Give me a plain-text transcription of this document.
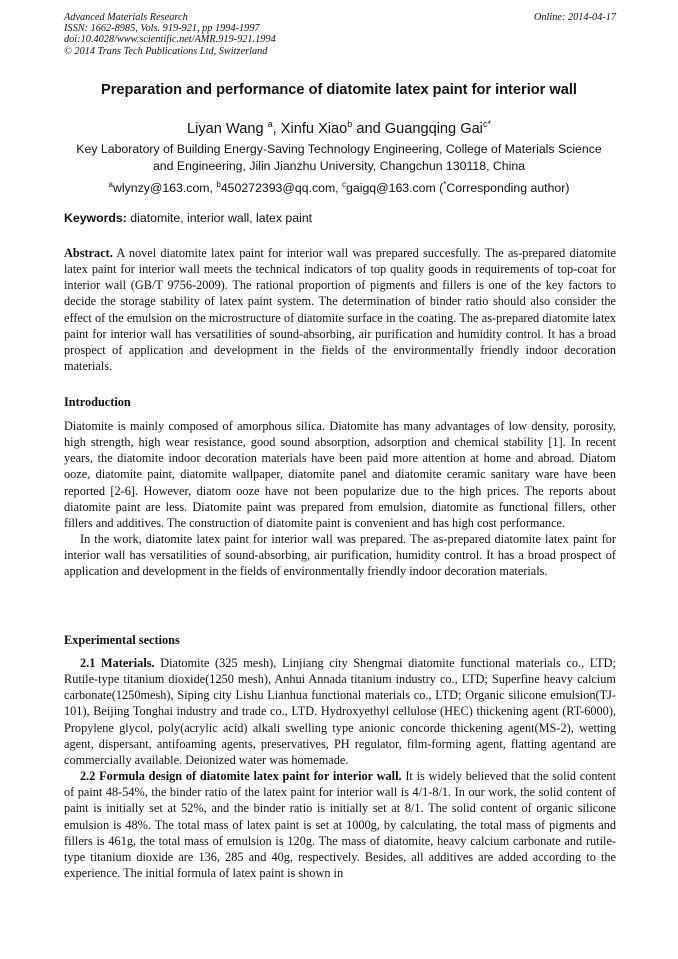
Advanced Materials Research
ISSN: 1662-8985, Vols. 919-921, pp 1994-1997
doi:10.4028/www.scientific.net/AMR.919-921.1994
© 2014 Trans Tech Publications Ltd, Switzerland
Online: 2014-04-17
Preparation and performance of diatomite latex paint for interior wall
Liyan Wang $^a$, Xinfu Xiao$^b$ and Guangqing Gai$^{c*}$
Key Laboratory of Building Energy-Saving Technology Engineering, College of Materials Science
and Engineering, Jilin Jianzhu University, Changchun 130118, China
$^a$wlynzy@163.com, $^b$450272393@qq.com, $^c$gaigq@163.com (*Corresponding author)
Keywords: diatomite, interior wall, latex paint

Abstract. A novel diatomite latex paint for interior wall was prepared succesfully. The as-prepared diatomite latex paint for interior wall meets the technical indicators of top quality goods in requirements of top-coat for interior wall (GB/T 9756-2009). The rational proportion of pigments and fillers is one of the key factors to decide the storage stability of latex paint system. The determination of binder ratio should also consider the effect of the emulsion on the microstructure of diatomite surface in the coating. The as-prepared diatomite latex paint for interior wall has versatilities of sound-absorbing, air purification and humidity control. It has a broad prospect of application and development in the fields of the environmentally friendly indoor decoration materials.

Introduction

Diatomite is mainly composed of amorphous silica. Diatomite has many advantages of low density, porosity, high strength, high wear resistance, good sound absorption, adsorption and chemical stability [1]. In recent years, the diatomite indoor decoration materials have been paid more attention at home and abroad. Diatom ooze, diatomite paint, diatomite wallpaper, diatomite panel and diatomite ceramic sanitary ware have been reported [2-6]. However, diatom ooze have not been popularize due to the high prices. The reports about diatomite paint are less. Diatomite paint was prepared from emulsion, diatomite as functional fillers, other fillers and additives. The construction of diatomite paint is convenient and has high cost performance.

In the work, diatomite latex paint for interior wall was prepared. The as-prepared diatomite latex paint for interior wall has versatilities of sound-absorbing, air purification, humidity control. It has a broad prospect of application and development in the fields of environmentally friendly indoor decoration materials.

Experimental sections

2.1 Materials. Diatomite (325 mesh), Linjiang city Shengmai diatomite functional materials co., LTD; Rutile-type titanium dioxide(1250 mesh), Anhui Annada titanium industry co., LTD; Superfine heavy calcium carbonate(1250mesh), Siping city Lishu Lianhua functional materials co., LTD; Organic silicone emulsion(TJ-101), Beijing Tonghai industry and trade co., LTD. Hydroxyethyl cellulose (HEC) thickening agent (RT-6000), Propylene glycol, poly(acrylic acid) alkali swelling type anionic concorde thickening agent(MS-2), wetting agent, dispersant, antifoaming agents, preservatives, PH regulator, film-forming agent, flatting agentand are commercially available. Deionized water was homemade.

2.2 Formula design of diatomite latex paint for interior wall. It is widely believed that the solid content of paint 48-54%, the binder ratio of the latex paint for interior wall is 4/1-8/1. In our work, the solid content of paint is initially set at 52%, and the binder ratio is initially set at 8/1. The solid content of organic silicone emulsion is 48%. The total mass of latex paint is set at 1000g, by calculating, the total mass of pigments and fillers is 461g, the total mass of emulsion is 120g. The mass of diatomite, heavy calcium carbonate and rutile-type titanium dioxide are 136, 285 and 40g, respectively. Besides, all additives are added according to the experience. The initial formula of latex paint is shown in
